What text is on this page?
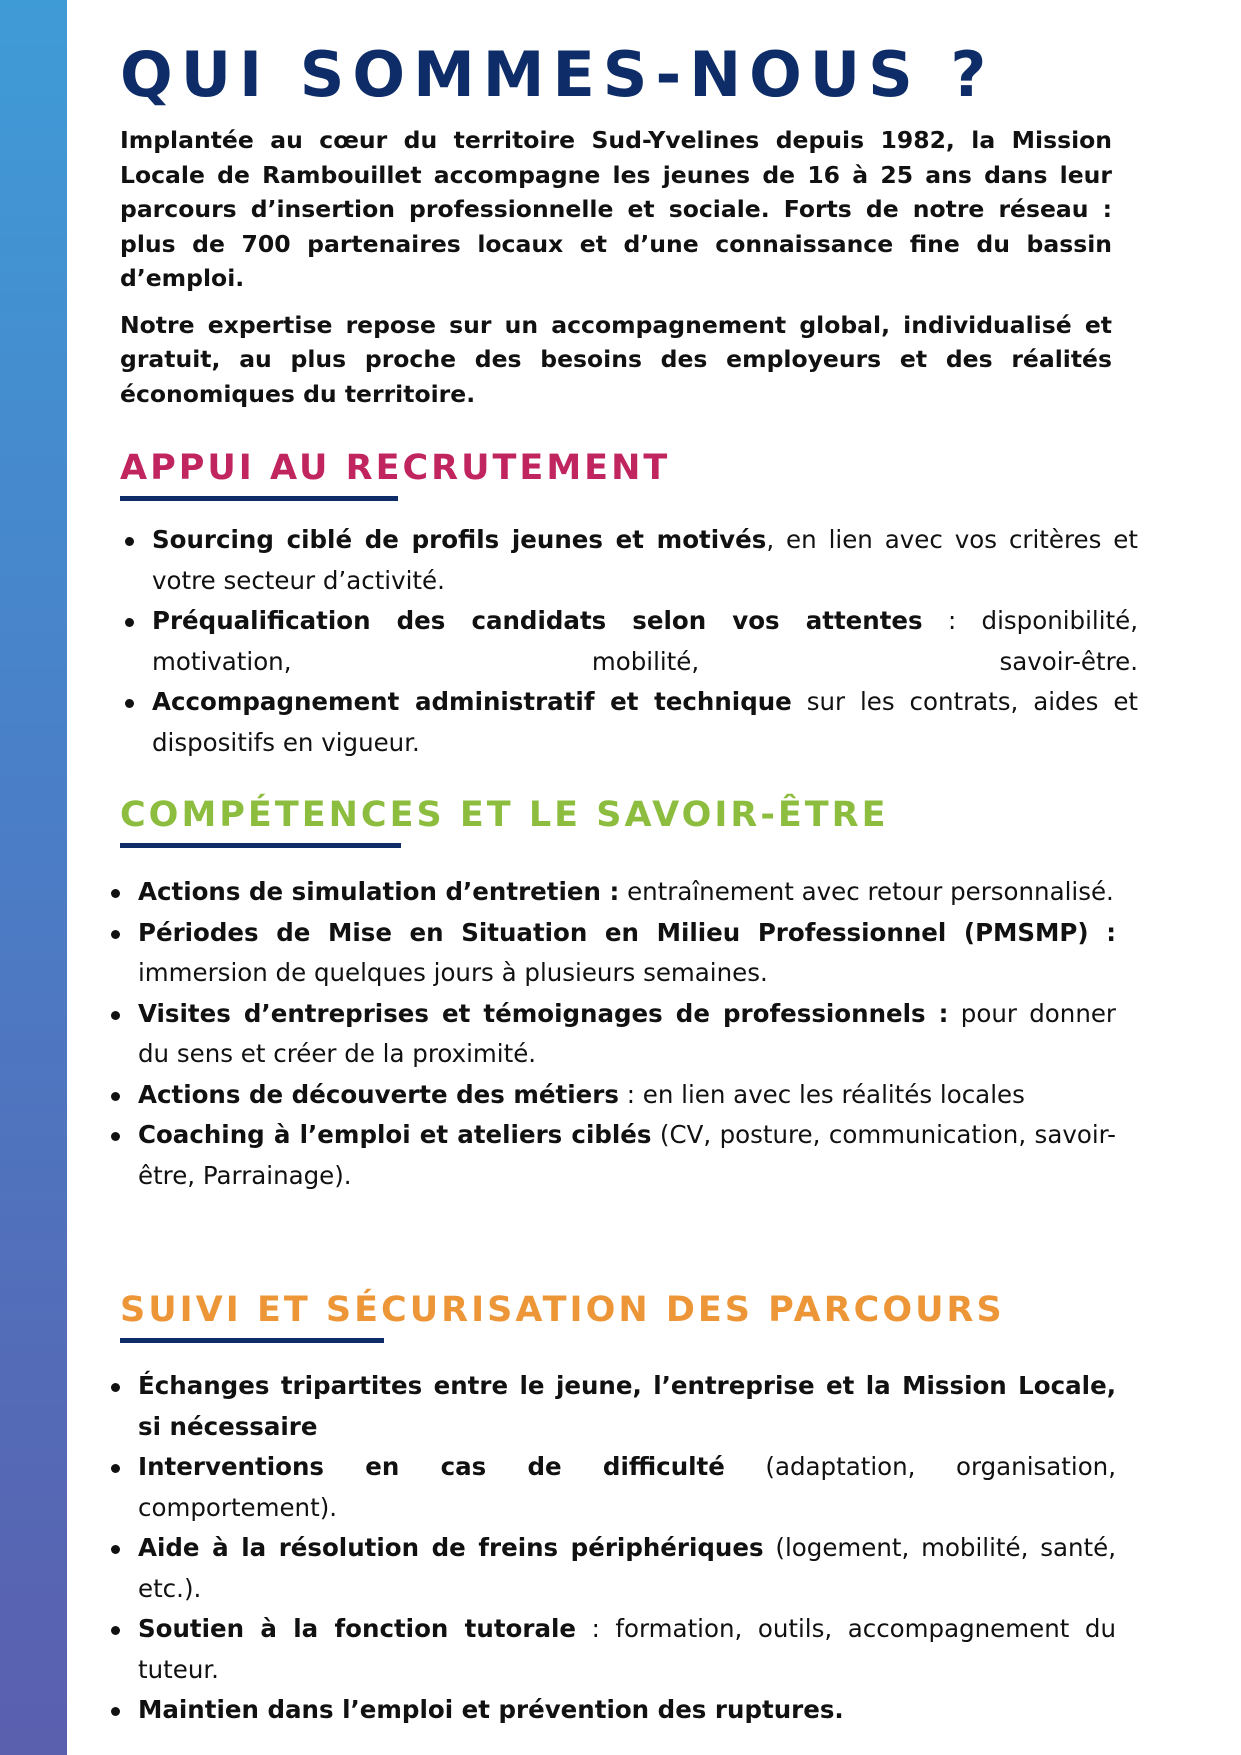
QUI SOMMES-NOUS ?

Implantée au cœur du territoire Sud-Yvelines depuis 1982, la Mission Locale de Rambouillet accompagne les jeunes de 16 à 25 ans dans leur parcours d’insertion professionnelle et sociale. Forts de notre réseau : plus de 700 partenaires locaux et d’une connaissance fine du bassin d’emploi.

Notre expertise repose sur un accompagnement global, individualisé et gratuit, au plus proche des besoins des employeurs et des réalités économiques du territoire.

APPUI AU RECRUTEMENT
Sourcing ciblé de profils jeunes et motivés, en lien avec vos critères et votre secteur d’activité.
Préqualification des candidats selon vos attentes : disponibilité, motivation, mobilité, savoir-être.
Accompagnement administratif et technique sur les contrats, aides et dispositifs en vigueur.
COMPÉTENCES ET LE SAVOIR-ÊTRE
Actions de simulation d’entretien : entraînement avec retour personnalisé.
Périodes de Mise en Situation en Milieu Professionnel (PMSMP) : immersion de quelques jours à plusieurs semaines.
Visites d’entreprises et témoignages de professionnels : pour donner du sens et créer de la proximité.
Actions de découverte des métiers : en lien avec les réalités locales
Coaching à l’emploi et ateliers ciblés (CV, posture, communication, savoir-être, Parrainage).
SUIVI ET SÉCURISATION DES PARCOURS
Échanges tripartites entre le jeune, l’entreprise et la Mission Locale, si nécessaire
Interventions en cas de difficulté (adaptation, organisation, comportement).
Aide à la résolution de freins périphériques (logement, mobilité, santé, etc.).
Soutien à la fonction tutorale : formation, outils, accompagnement du tuteur.
Maintien dans l’emploi et prévention des ruptures.
